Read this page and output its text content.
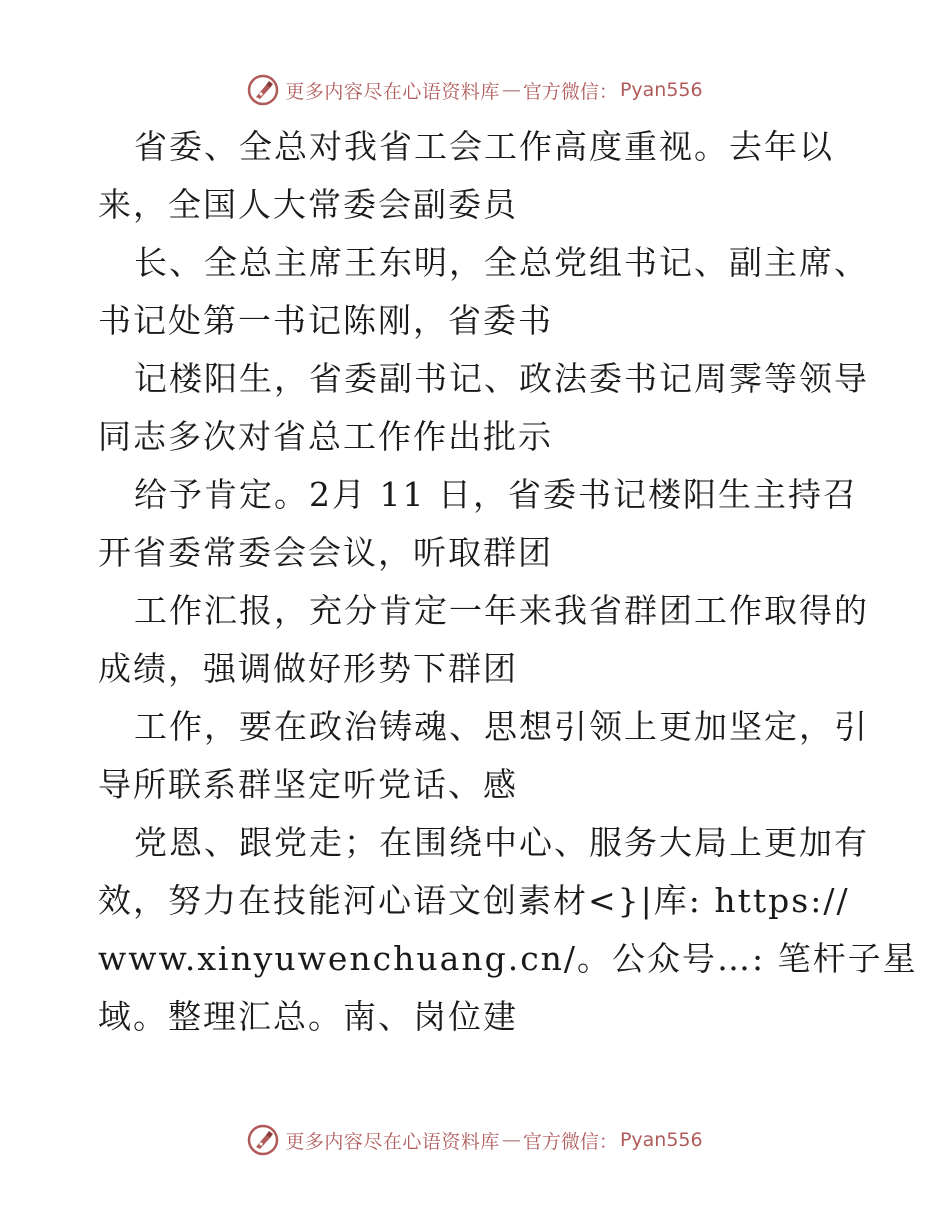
更多内容尽在心语资料库 — 官方微信： Pyan556
省委、全总对我省工会工作高度重视。去年以
来，全国人大常委会副委员
长、全总主席王东明，全总党组书记、副主席、
书记处第一书记陈刚，省委书
记楼阳生，省委副书记、政法委书记周霁等领导
同志多次对省总工作作出批示
给予肯定。2月 11 日，省委书记楼阳生主持召
开省委常委会会议，听取群团
工作汇报，充分肯定一年来我省群团工作取得的
成绩，强调做好形势下群团
工作，要在政治铸魂、思想引领上更加坚定，引
导所联系群坚定听党话、感
党恩、跟党走；在围绕中心、服务大局上更加有
效，努力在技能河心语文创素材<}|库: https://
www.xinyuwenchuang.cn/。公众号…: 笔杆子星
域。整理汇总。南、岗位建
更多内容尽在心语资料库 — 官方微信： Pyan556
